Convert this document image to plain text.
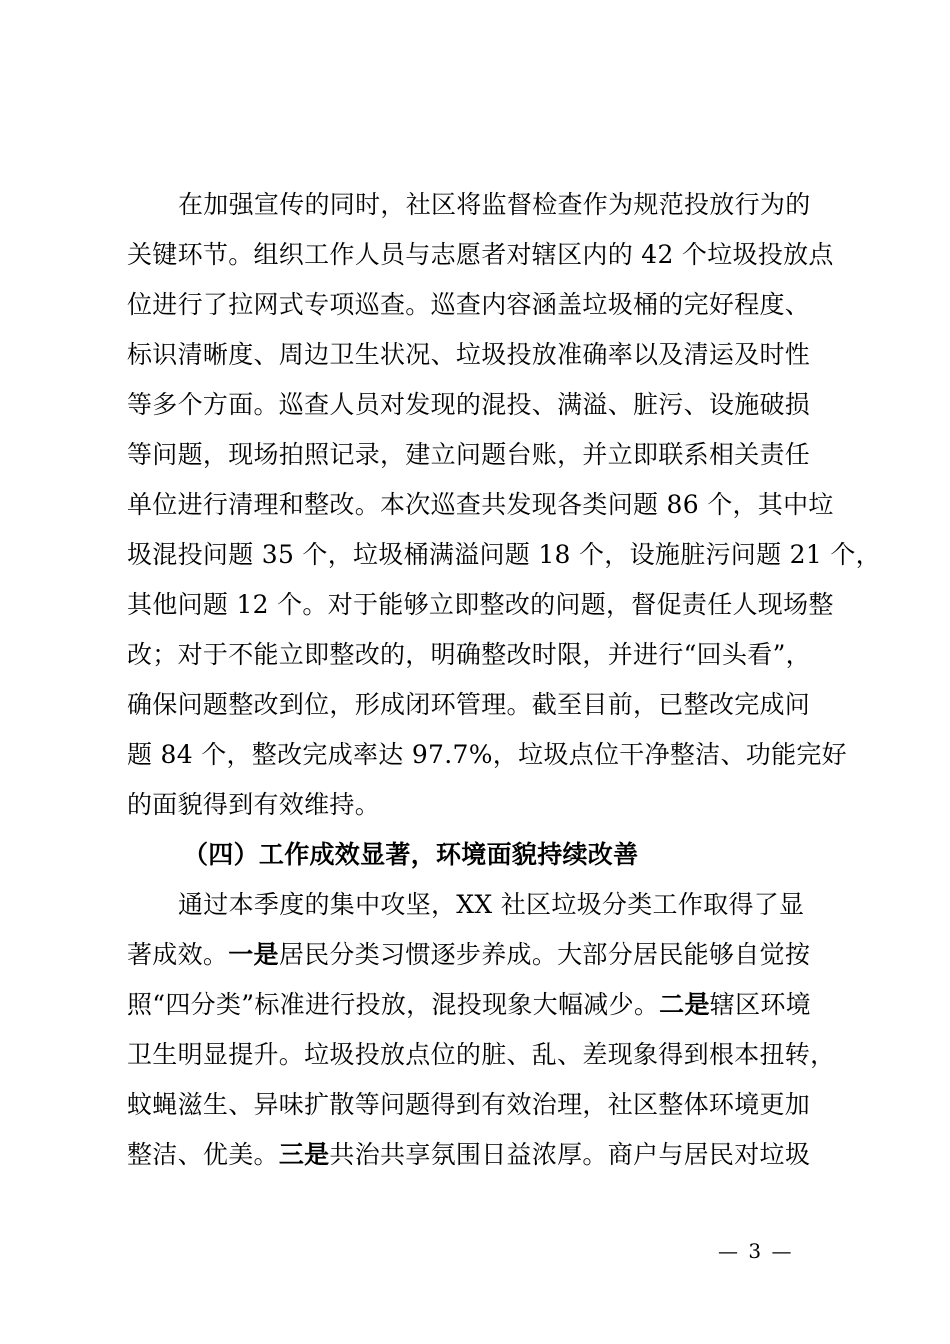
在加强宣传的同时，社区将监督检查作为规范投放行为的
关键环节。组织工作人员与志愿者对辖区内的 42 个垃圾投放点
位进行了拉网式专项巡查。巡查内容涵盖垃圾桶的完好程度、
标识清晰度、周边卫生状况、垃圾投放准确率以及清运及时性
等多个方面。巡查人员对发现的混投、满溢、脏污、设施破损
等问题，现场拍照记录，建立问题台账，并立即联系相关责任
单位进行清理和整改。本次巡查共发现各类问题 86 个，其中垃
圾混投问题 35 个，垃圾桶满溢问题 18 个，设施脏污问题 21 个，
其他问题 12 个。对于能够立即整改的问题，督促责任人现场整
改；对于不能立即整改的，明确整改时限，并进行“回头看”，
确保问题整改到位，形成闭环管理。截至目前，已整改完成问
题 84 个，整改完成率达 97.7%，垃圾点位干净整洁、功能完好
的面貌得到有效维持。
（四）工作成效显著，环境面貌持续改善
通过本季度的集中攻坚，XX 社区垃圾分类工作取得了显
著成效。一是居民分类习惯逐步养成。大部分居民能够自觉按
照“四分类”标准进行投放，混投现象大幅减少。二是辖区环境
卫生明显提升。垃圾投放点位的脏、乱、差现象得到根本扭转，
蚊蝇滋生、异味扩散等问题得到有效治理，社区整体环境更加
整洁、优美。三是共治共享氛围日益浓厚。商户与居民对垃圾
— 3 —
